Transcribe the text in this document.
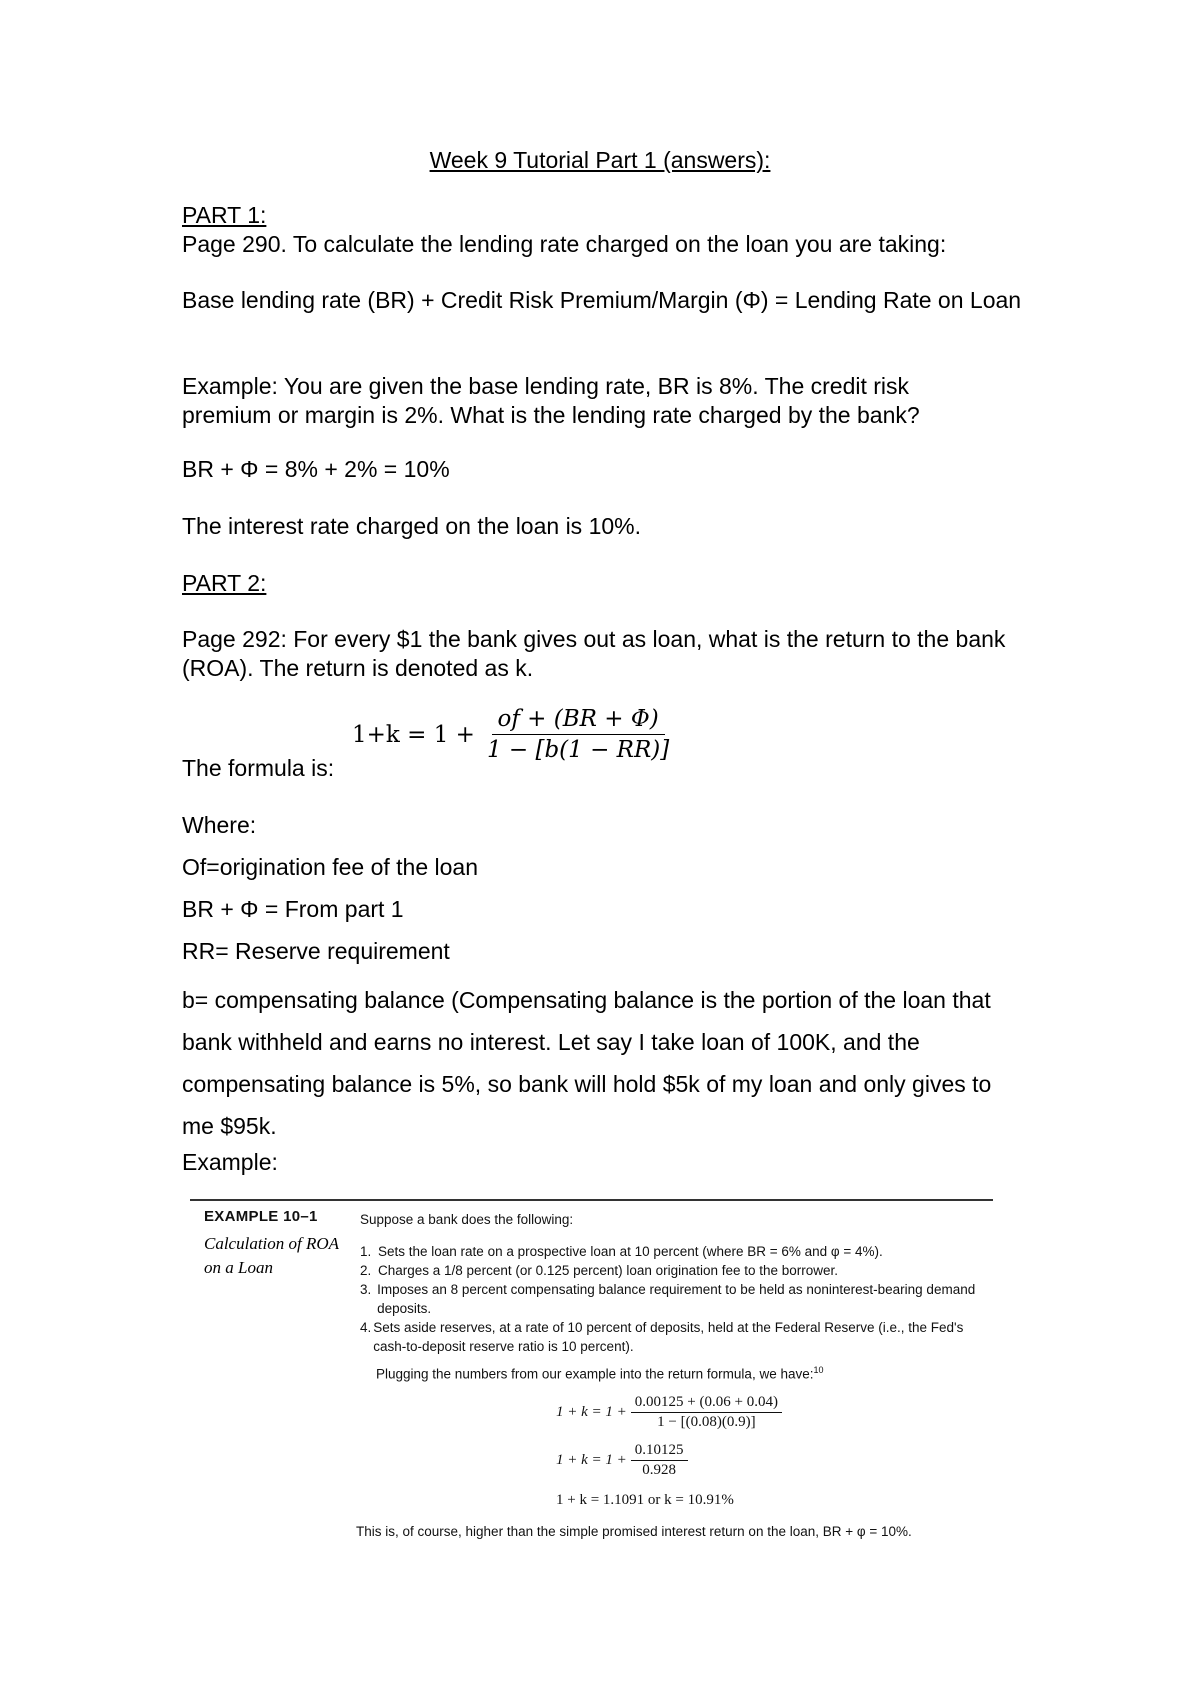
Week 9 Tutorial Part 1 (answers):
PART 1:
Page 290. To calculate the lending rate charged on the loan you are taking:
Base lending rate (BR) + Credit Risk Premium/Margin (Φ) = Lending Rate on Loan
Example: You are given the base lending rate, BR is 8%. The credit risk premium or margin is 2%. What is the lending rate charged by the bank?
BR + Φ = 8% + 2% = 10%
The interest rate charged on the loan is 10%.
PART 2:
Page 292: For every $1 the bank gives out as loan, what is the return to the bank (ROA). The return is denoted as k.
The formula is:
$1+k = 1 + \frac{of + (BR + \Phi)}{1 - [b(1 - RR)]}$
Where:
Of=origination fee of the loan
BR + Φ = From part 1
RR= Reserve requirement
b= compensating balance (Compensating balance is the portion of the loan that bank withheld and earns no interest. Let say I take loan of 100K, and the compensating balance is 5%, so bank will hold $5k of my loan and only gives to me $95k.
Example:
EXAMPLE 10–1
Calculation of ROA on a Loan
Suppose a bank does the following:
1. Sets the loan rate on a prospective loan at 10 percent (where BR = 6% and φ = 4%).
2. Charges a 1/8 percent (or 0.125 percent) loan origination fee to the borrower.
3. Imposes an 8 percent compensating balance requirement to be held as noninterest-bearing demand deposits.
4. Sets aside reserves, at a rate of 10 percent of deposits, held at the Federal Reserve (i.e., the Fed's cash-to-deposit reserve ratio is 10 percent).
Plugging the numbers from our example into the return formula, we have:$^{10}$
$1 + k = 1 + \frac{0.00125 + (0.06 + 0.04)}{1 - [(0.08)(0.9)]}$
$1 + k = 1 + \frac{0.10125}{0.928}$
1 + k = 1.1091 or k = 10.91%
This is, of course, higher than the simple promised interest return on the loan, BR + φ = 10%.
